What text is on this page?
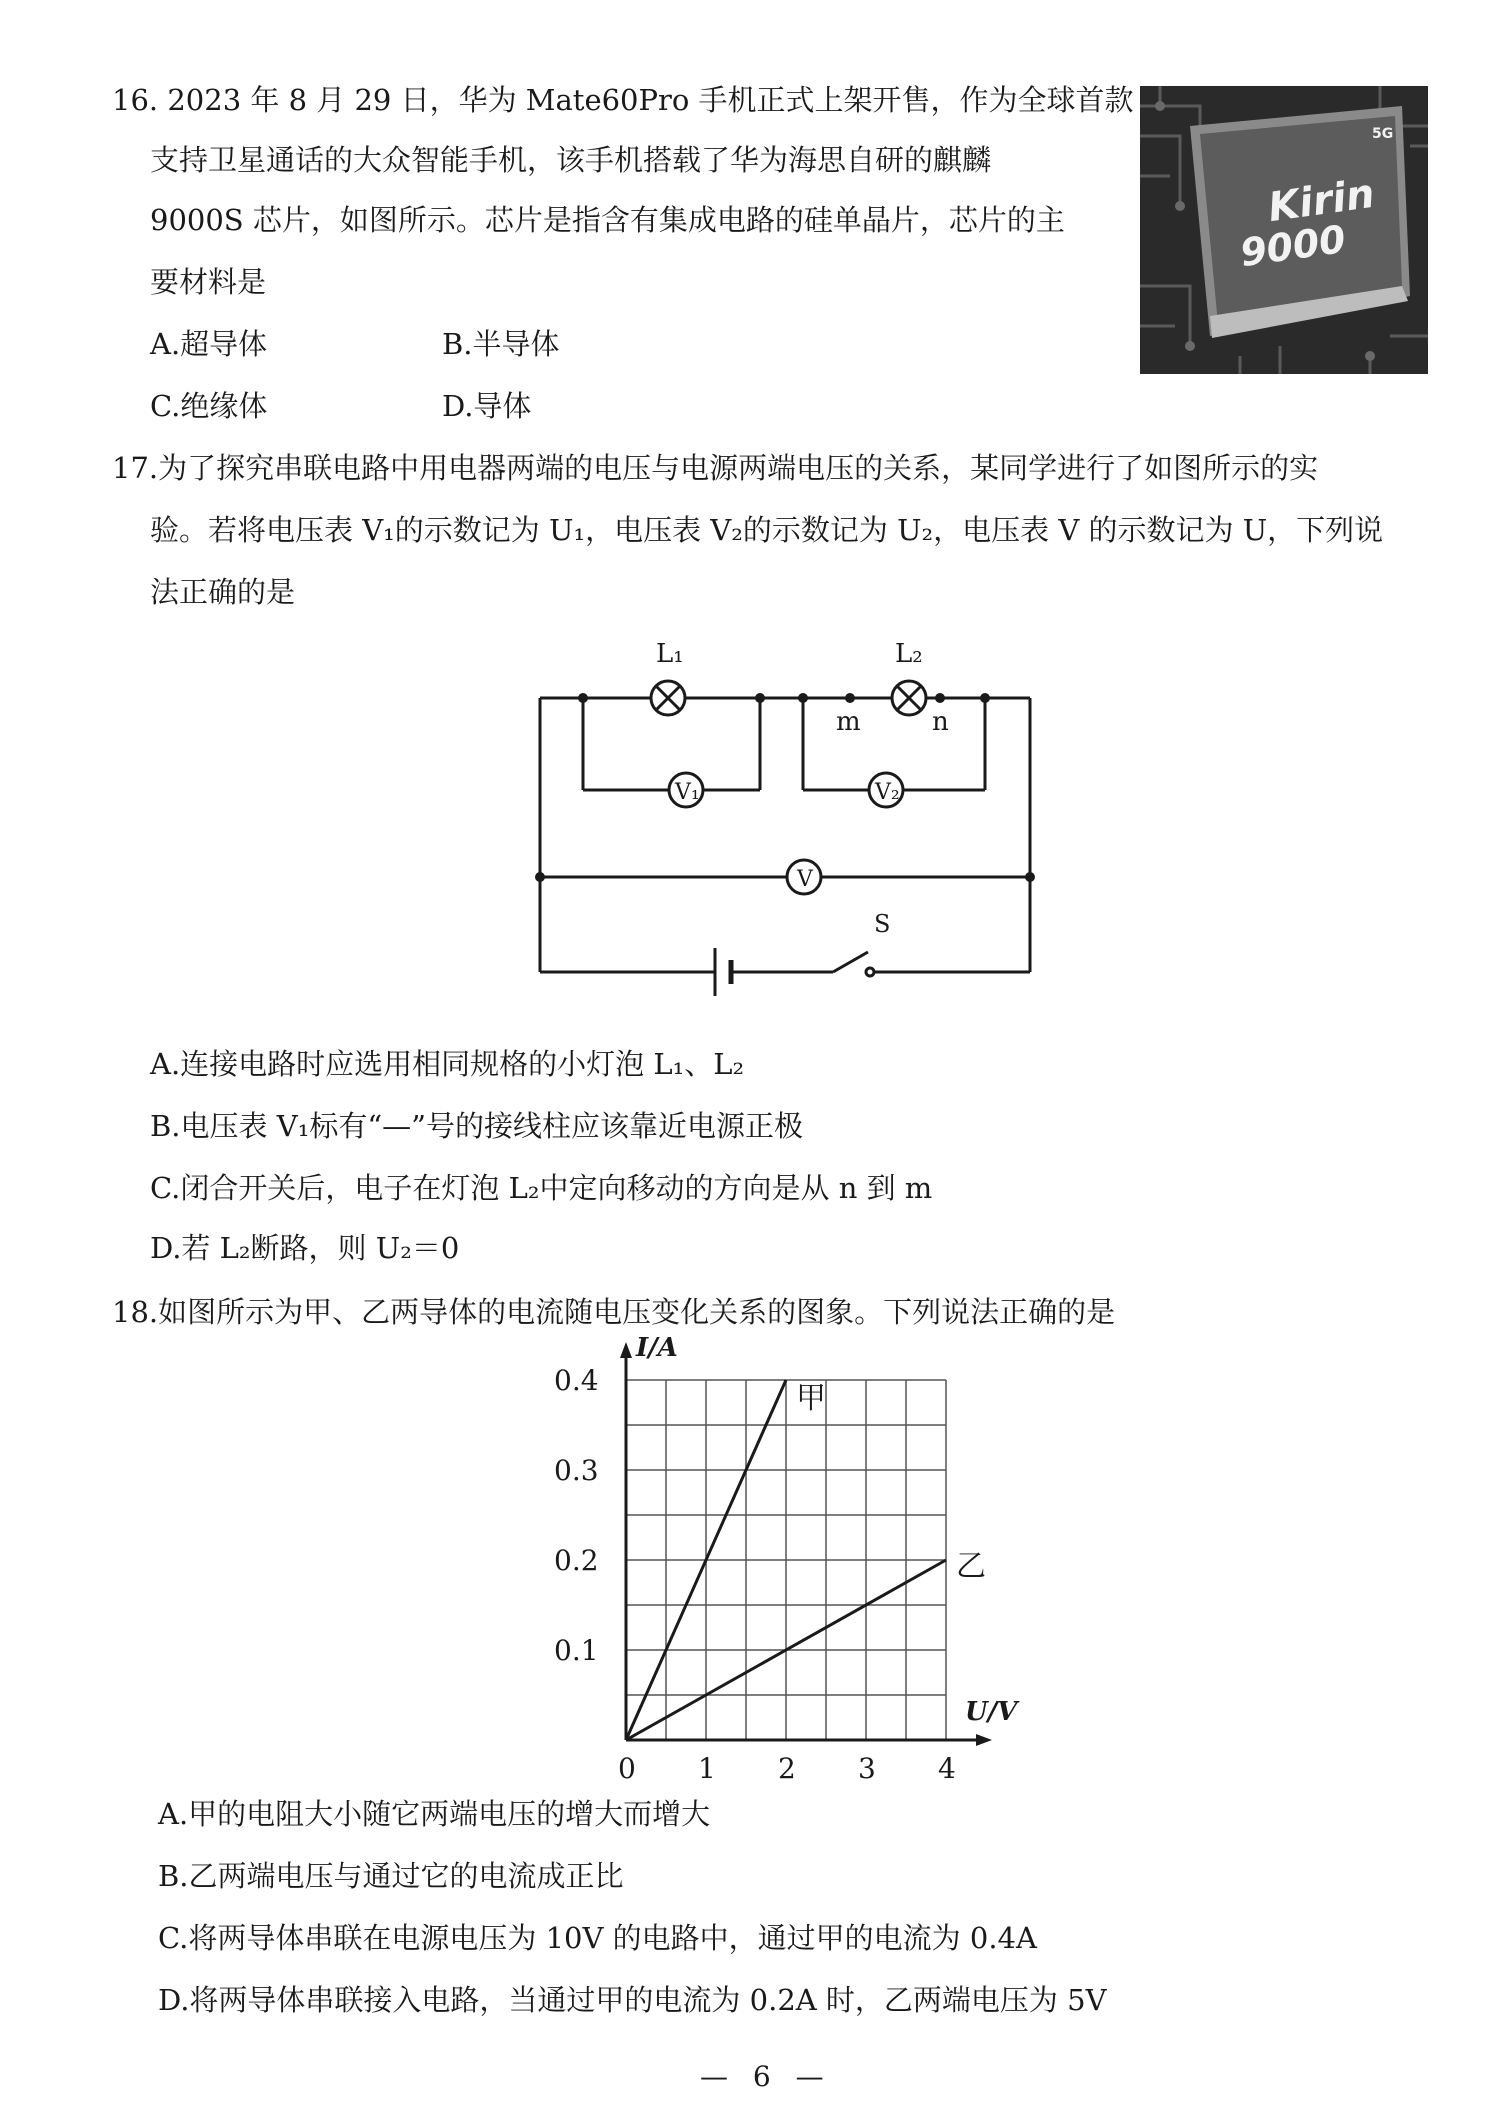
16. 2023 年 8 月 29 日，华为 Mate60Pro 手机正式上架开售，作为全球首款
支持卫星通话的大众智能手机，该手机搭载了华为海思自研的麒麟
9000S 芯片，如图所示。芯片是指含有集成电路的硅单晶片，芯片的主
要材料是
A.超导体	B.半导体
C.绝缘体	D.导体
5G
Kirin
9000
17.为了探究串联电路中用电器两端的电压与电源两端电压的关系，某同学进行了如图所示的实
验。若将电压表 V₁的示数记为 U₁，电压表 V₂的示数记为 U₂，电压表 V 的示数记为 U，下列说
法正确的是
L₁	L₂
m	n
S
V₁	V₂
V
A.连接电路时应选用相同规格的小灯泡 L₁、L₂
B.电压表 V₁标有“—”号的接线柱应该靠近电源正极
C.闭合开关后，电子在灯泡 L₂中定向移动的方向是从 n 到 m
D.若 L₂断路，则 U₂＝0
18.如图所示为甲、乙两导体的电流随电压变化关系的图象。下列说法正确的是
0 1 2 3 4
0.1
0.2
0.3
0.4
甲
乙
I/A
U/V
A.甲的电阻大小随它两端电压的增大而增大
B.乙两端电压与通过它的电流成正比
C.将两导体串联在电源电压为 10V 的电路中，通过甲的电流为 0.4A
D.将两导体串联接入电路，当通过甲的电流为 0.2A 时，乙两端电压为 5V
— 6 —
